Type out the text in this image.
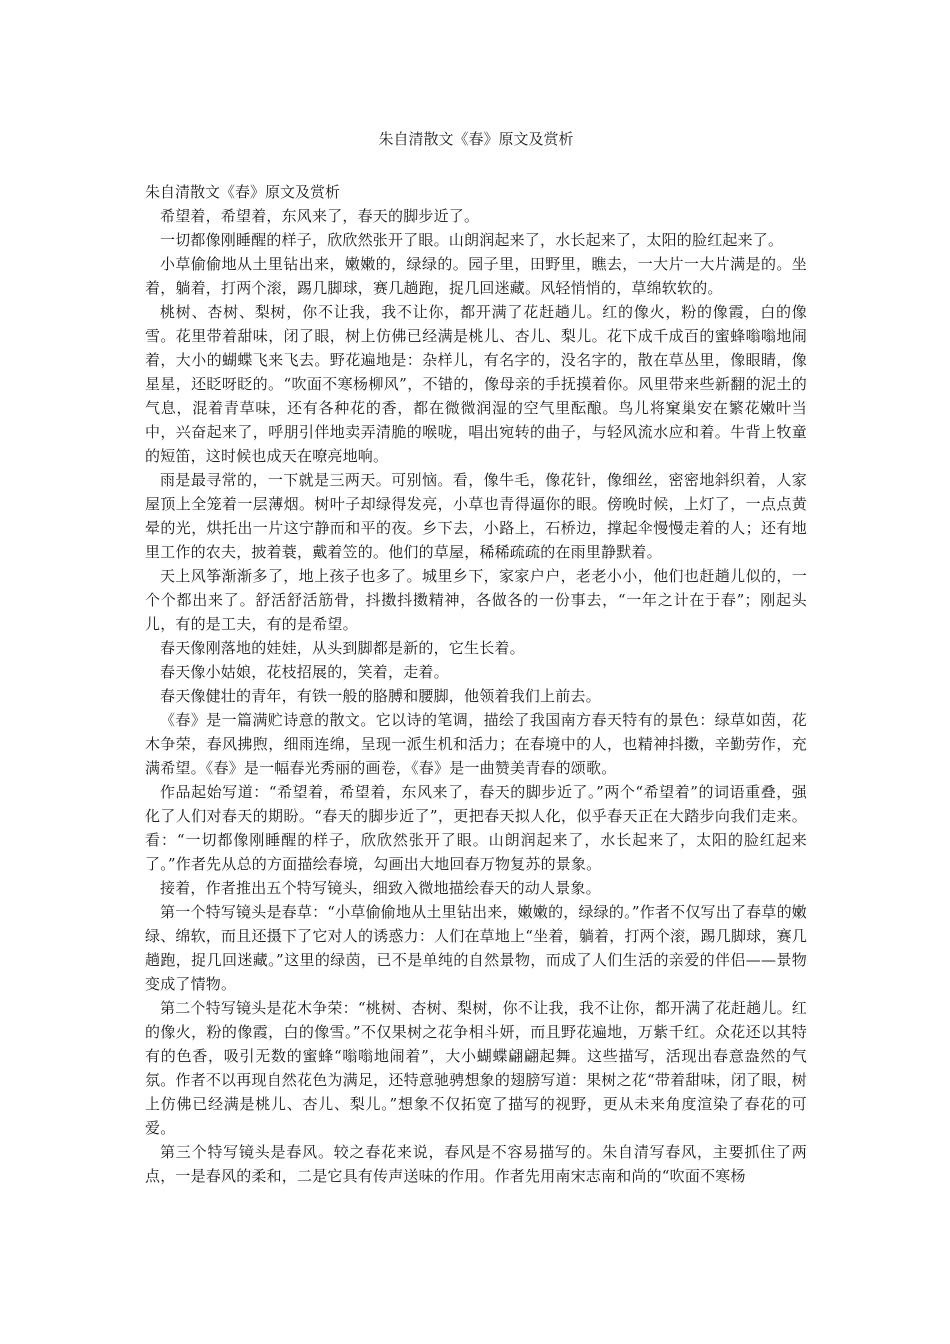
朱自清散文《春》原文及赏析

朱自清散文《春》原文及赏析

希望着，希望着，东风来了，春天的脚步近了。

一切都像刚睡醒的样子，欣欣然张开了眼。山朗润起来了，水长起来了，太阳的脸红起来了。

小草偷偷地从土里钻出来，嫩嫩的，绿绿的。园子里，田野里，瞧去，一大片一大片满是的。坐着，躺着，打两个滚，踢几脚球，赛几趟跑，捉几回迷藏。风轻悄悄的，草绵软软的。

桃树、杏树、梨树，你不让我，我不让你，都开满了花赶趟儿。红的像火，粉的像霞，白的像雪。花里带着甜味，闭了眼，树上仿佛已经满是桃儿、杏儿、梨儿。花下成千成百的蜜蜂嗡嗡地闹着，大小的蝴蝶飞来飞去。野花遍地是：杂样儿，有名字的，没名字的，散在草丛里，像眼睛，像星星，还眨呀眨的。“吹面不寒杨柳风”，不错的，像母亲的手抚摸着你。风里带来些新翻的泥土的气息，混着青草味，还有各种花的香，都在微微润湿的空气里酝酿。鸟儿将窠巢安在繁花嫩叶当中，兴奋起来了，呼朋引伴地卖弄清脆的喉咙，唱出宛转的曲子，与轻风流水应和着。牛背上牧童的短笛，这时候也成天在嘹亮地响。

雨是最寻常的，一下就是三两天。可别恼。看，像牛毛，像花针，像细丝，密密地斜织着，人家屋顶上全笼着一层薄烟。树叶子却绿得发亮，小草也青得逼你的眼。傍晚时候，上灯了，一点点黄晕的光，烘托出一片这宁静而和平的夜。乡下去，小路上，石桥边，撑起伞慢慢走着的人；还有地里工作的农夫，披着蓑，戴着笠的。他们的草屋，稀稀疏疏的在雨里静默着。

天上风筝渐渐多了，地上孩子也多了。城里乡下，家家户户，老老小小，他们也赶趟儿似的，一个个都出来了。舒活舒活筋骨，抖擞抖擞精神，各做各的一份事去，“一年之计在于春”；刚起头儿，有的是工夫，有的是希望。

春天像刚落地的娃娃，从头到脚都是新的，它生长着。

春天像小姑娘，花枝招展的，笑着，走着。

春天像健壮的青年，有铁一般的胳膊和腰脚，他领着我们上前去。

《春》是一篇满贮诗意的散文。它以诗的笔调，描绘了我国南方春天特有的景色：绿草如茵，花木争荣，春风拂煦，细雨连绵，呈现一派生机和活力；在春境中的人，也精神抖擞，辛勤劳作，充满希望。《春》是一幅春光秀丽的画卷，《春》是一曲赞美青春的颂歌。

作品起始写道：“希望着，希望着，东风来了，春天的脚步近了。”两个“希望着”的词语重叠，强化了人们对春天的期盼。“春天的脚步近了”，更把春天拟人化，似乎春天正在大踏步向我们走来。看：“一切都像刚睡醒的样子，欣欣然张开了眼。山朗润起来了，水长起来了，太阳的脸红起来了。”作者先从总的方面描绘春境，勾画出大地回春万物复苏的景象。

接着，作者推出五个特写镜头，细致入微地描绘春天的动人景象。

第一个特写镜头是春草：“小草偷偷地从土里钻出来，嫩嫩的，绿绿的。”作者不仅写出了春草的嫩绿、绵软，而且还摄下了它对人的诱惑力：人们在草地上“坐着，躺着，打两个滚，踢几脚球，赛几趟跑，捉几回迷藏。”这里的绿茵，已不是单纯的自然景物，而成了人们生活的亲爱的伴侣——景物变成了情物。

第二个特写镜头是花木争荣：“桃树、杏树、梨树，你不让我，我不让你，都开满了花赶趟儿。红的像火，粉的像霞，白的像雪。”不仅果树之花争相斗妍，而且野花遍地，万紫千红。众花还以其特有的色香，吸引无数的蜜蜂“嗡嗡地闹着”，大小蝴蝶翩翩起舞。这些描写，活现出春意盎然的气氛。作者不以再现自然花色为满足，还特意驰骋想象的翅膀写道：果树之花“带着甜味，闭了眼，树上仿佛已经满是桃儿、杏儿、梨儿。”想象不仅拓宽了描写的视野，更从未来角度渲染了春花的可爱。

第三个特写镜头是春风。较之春花来说，春风是不容易描写的。朱自清写春风，主要抓住了两点，一是春风的柔和，二是它具有传声送味的作用。作者先用南宋志南和尚的“吹面不寒杨
